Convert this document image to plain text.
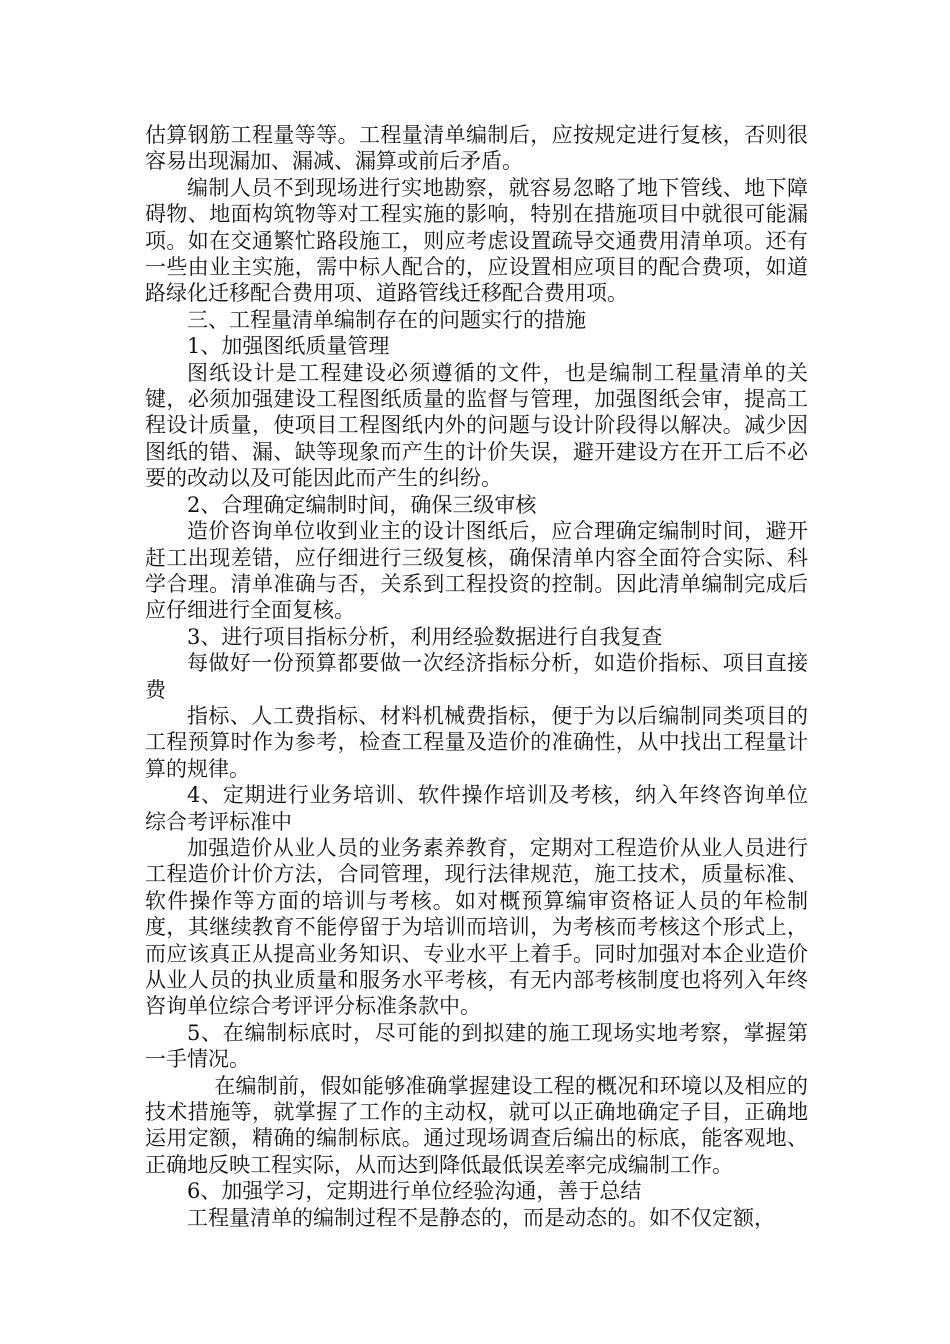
估算钢筋工程量等等。工程量清单编制后，应按规定进行复核，否则很容易出现漏加、漏减、漏算或前后矛盾。

编制人员不到现场进行实地勘察，就容易忽略了地下管线、地下障碍物、地面构筑物等对工程实施的影响，特别在措施项目中就很可能漏项。如在交通繁忙路段施工，则应考虑设置疏导交通费用清单项。还有一些由业主实施，需中标人配合的，应设置相应项目的配合费项，如道路绿化迁移配合费用项、道路管线迁移配合费用项。

三、工程量清单编制存在的问题实行的措施

1、加强图纸质量管理

图纸设计是工程建设必须遵循的文件，也是编制工程量清单的关键，必须加强建设工程图纸质量的监督与管理，加强图纸会审，提高工程设计质量，使项目工程图纸内外的问题与设计阶段得以解决。减少因图纸的错、漏、缺等现象而产生的计价失误，避开建设方在开工后不必要的改动以及可能因此而产生的纠纷。

2、合理确定编制时间，确保三级审核

造价咨询单位收到业主的设计图纸后，应合理确定编制时间，避开赶工出现差错，应仔细进行三级复核，确保清单内容全面符合实际、科学合理。清单准确与否，关系到工程投资的控制。因此清单编制完成后应仔细进行全面复核。

3、进行项目指标分析，利用经验数据进行自我复查

每做好一份预算都要做一次经济指标分析，如造价指标、项目直接费

指标、人工费指标、材料机械费指标，便于为以后编制同类项目的工程预算时作为参考，检查工程量及造价的准确性，从中找出工程量计算的规律。

4、定期进行业务培训、软件操作培训及考核，纳入年终咨询单位综合考评标准中

加强造价从业人员的业务素养教育，定期对工程造价从业人员进行工程造价计价方法，合同管理，现行法律规范，施工技术，质量标准、软件操作等方面的培训与考核。如对概预算编审资格证人员的年检制度，其继续教育不能停留于为培训而培训，为考核而考核这个形式上，而应该真正从提高业务知识、专业水平上着手。同时加强对本企业造价从业人员的执业质量和服务水平考核，有无内部考核制度也将列入年终咨询单位综合考评评分标准条款中。

5、在编制标底时，尽可能的到拟建的施工现场实地考察，掌握第一手情况。

在编制前，假如能够准确掌握建设工程的概况和环境以及相应的技术措施等，就掌握了工作的主动权，就可以正确地确定子目，正确地运用定额，精确的编制标底。通过现场调查后编出的标底，能客观地、正确地反映工程实际，从而达到降低最低误差率完成编制工作。

6、加强学习，定期进行单位经验沟通，善于总结

工程量清单的编制过程不是静态的，而是动态的。如不仅定额，
